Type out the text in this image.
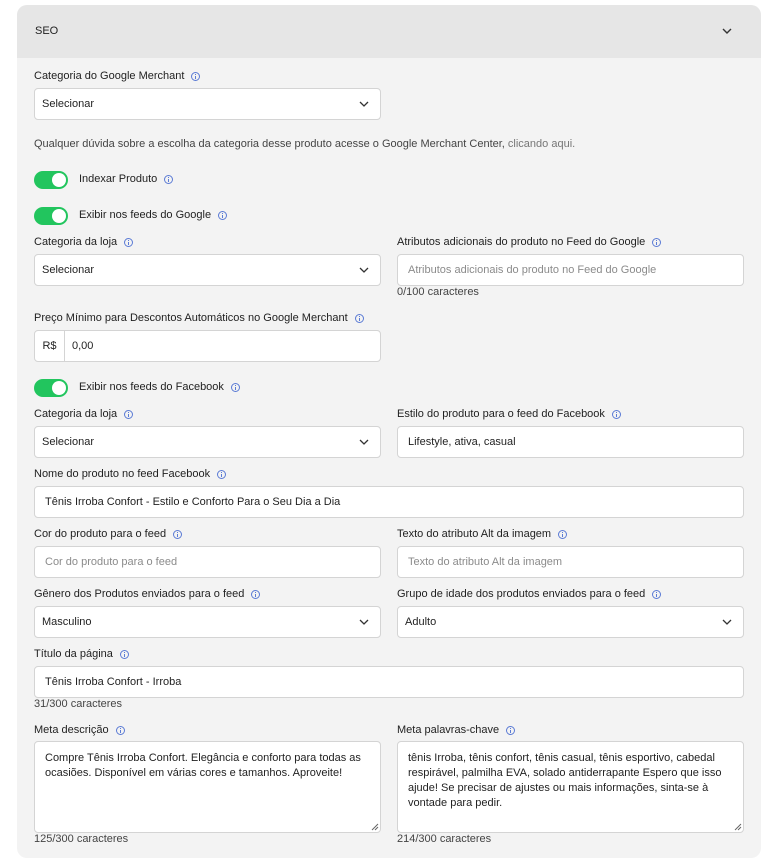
SEO
Categoria do Google Merchant
Selecionar
Qualquer dúvida sobre a escolha da categoria desse produto acesse o Google Merchant Center, clicando aqui.
Indexar Produto
Exibir nos feeds do Google
Categoria da loja
Selecionar
Atributos adicionais do produto no Feed do Google
Atributos adicionais do produto no Feed do Google
0/100 caracteres
Preço Mínimo para Descontos Automáticos no Google Merchant
R$	0,00
Exibir nos feeds do Facebook
Categoria da loja
Selecionar
Estilo do produto para o feed do Facebook
Lifestyle, ativa, casual
Nome do produto no feed Facebook
Tênis Irroba Confort - Estilo e Conforto Para o Seu Dia a Dia
Cor do produto para o feed
Cor do produto para o feed
Texto do atributo Alt da imagem
Texto do atributo Alt da imagem
Gênero dos Produtos enviados para o feed
Masculino
Grupo de idade dos produtos enviados para o feed
Adulto
Título da página
Tênis Irroba Confort - Irroba
31/300 caracteres
Meta descrição
Compre Tênis Irroba Confort. Elegância e conforto para todas as ocasiões. Disponível em várias cores e tamanhos. Aproveite!
125/300 caracteres
Meta palavras-chave
tênis Irroba, tênis confort, tênis casual, tênis esportivo, cabedal respirável, palmilha EVA, solado antiderrapante Espero que isso ajude! Se precisar de ajustes ou mais informações, sinta-se à vontade para pedir.
214/300 caracteres
